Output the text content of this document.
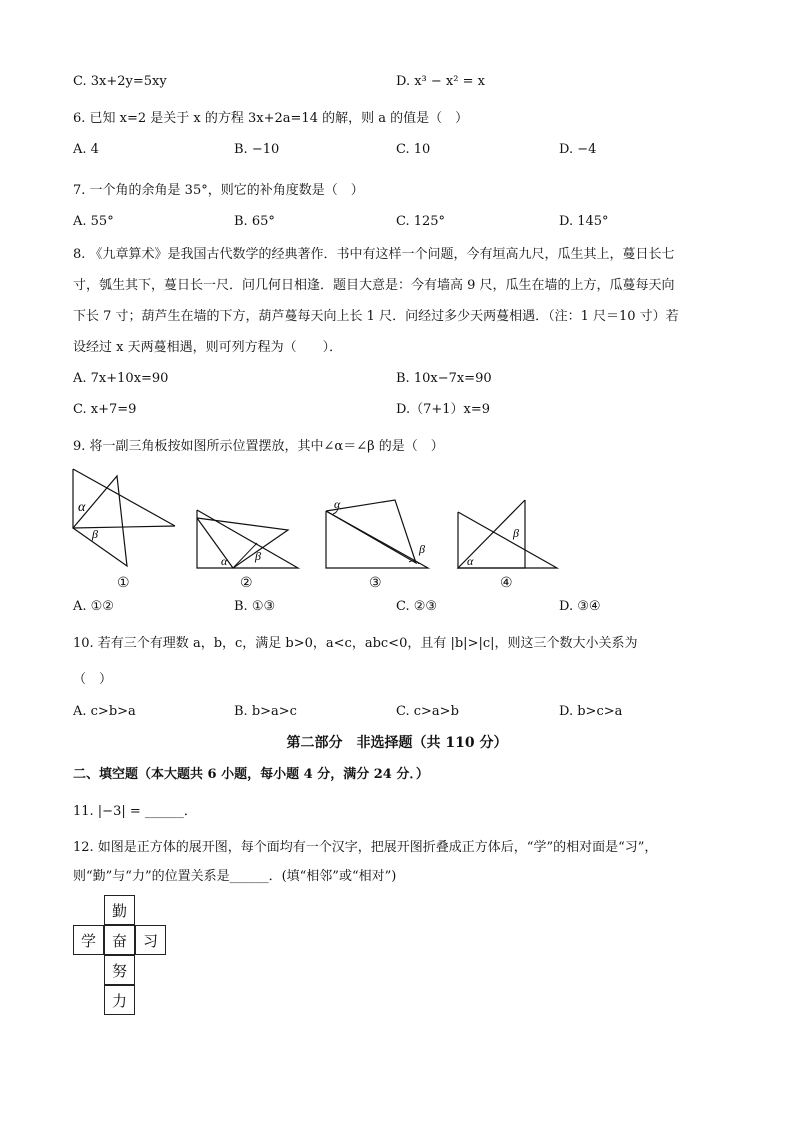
C. 3x+2y=5xy	D. x³ − x² = x
6. 已知 x=2 是关于 x 的方程 3x+2a=14 的解，则 a 的值是（　）
A. 4	B. −10	C. 10	D. −4
7. 一个角的余角是 35°，则它的补角度数是（　）
A. 55°	B. 65°	C. 125°	D. 145°
8. 《九章算术》是我国古代数学的经典著作．书中有这样一个问题，今有垣高九尺，瓜生其上，蔓日长七
寸，瓠生其下，蔓日长一尺．问几何日相逢．题目大意是：今有墙高 9 尺，瓜生在墙的上方，瓜蔓每天向
下长 7 寸；葫芦生在墙的下方，葫芦蔓每天向上长 1 尺．问经过多少天两蔓相遇．（注：1 尺＝10 寸）若
设经过 x 天两蔓相遇，则可列方程为（　　）．
A. 7x+10x=90	B. 10x−7x=90
C. x+7=9	D.（7+1）x=9
9. 将一副三角板按如图所示位置摆放，其中∠α＝∠β 的是（　）
α
β
①
α β
②
α
β
③
α
β
④
A. ①②	B. ①③	C. ②③	D. ③④
10. 若有三个有理数 a，b，c，满足 b>0，a<c，abc<0，且有 |b|>|c|，则这三个数大小关系为
（　）
A. c>b>a	B. b>a>c	C. c>a>b	D. b>c>a
第二部分　非选择题（共 110 分）
二、填空题（本大题共 6 小题，每小题 4 分，满分 24 分．）
11. |−3| = ______．
12. 如图是正方体的展开图，每个面均有一个汉字，把展开图折叠成正方体后，“学”的相对面是“习”，
则“勤”与“力”的位置关系是______．(填“相邻”或“相对”)
勤
学	奋	习
努
力
